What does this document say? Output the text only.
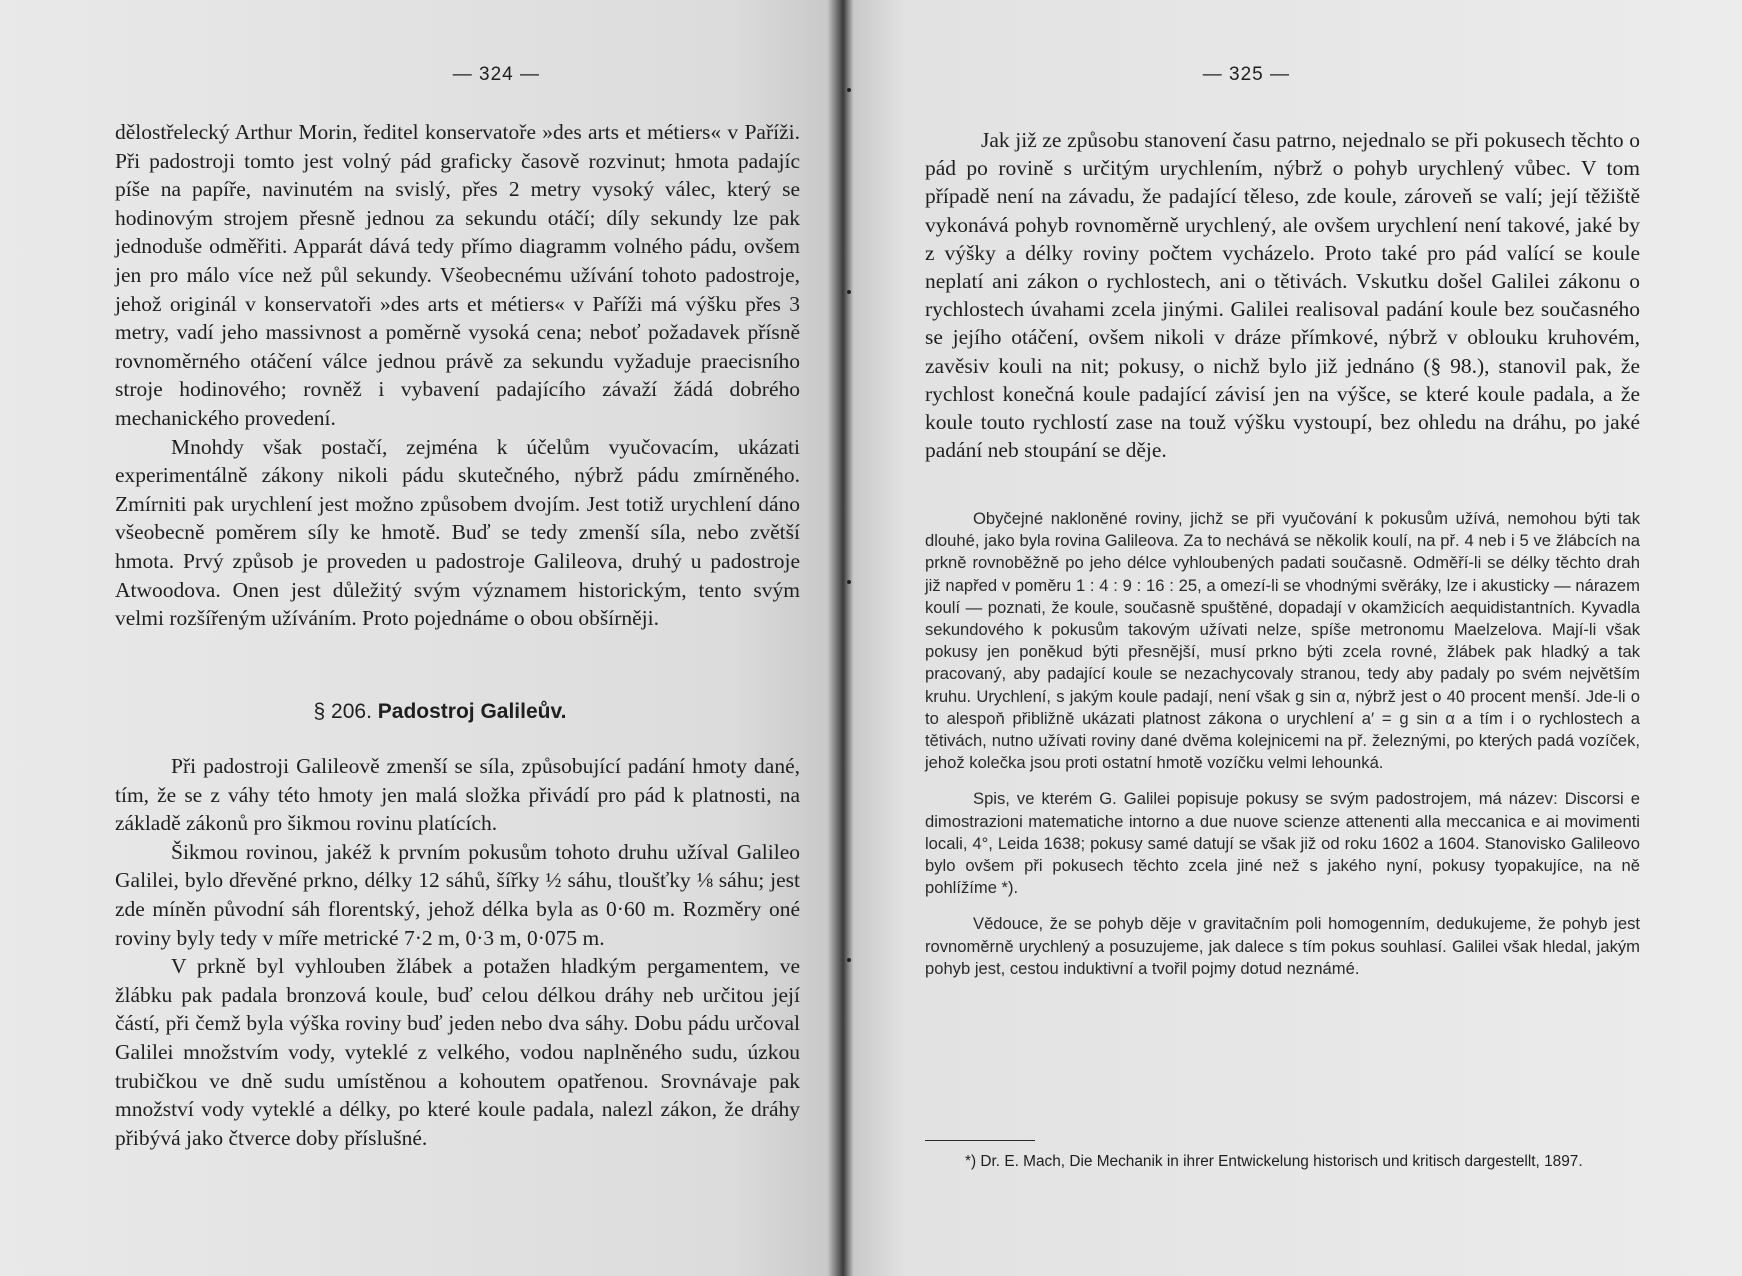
— 324 —

dělostřelecký Arthur Morin, ředitel konservatoře »des arts et métiers« v Paříži. Při padostroji tomto jest volný pád graficky časově rozvinut; hmota padajíc píše na papíře, navinutém na svislý, přes 2 metry vysoký válec, který se hodinovým strojem přesně jednou za sekundu otáčí; díly sekundy lze pak jednoduše odměřiti. Apparát dává tedy přímo diagramm volného pádu, ovšem jen pro málo více než půl sekundy. Všeobecnému užívání tohoto padostroje, jehož originál v konservatoři »des arts et métiers« v Paříži má výšku přes 3 metry, vadí jeho massivnost a poměrně vysoká cena; neboť požadavek přísně rovnoměrného otáčení válce jednou právě za sekundu vyžaduje praecisního stroje hodinového; rovněž i vybavení padajícího závaží žádá dobrého mechanického provedení.

Mnohdy však postačí, zejména k účelům vyučovacím, ukázati experimentálně zákony nikoli pádu skutečného, nýbrž pádu zmírněného. Zmírniti pak urychlení jest možno způsobem dvojím. Jest totiž urychlení dáno všeobecně poměrem síly ke hmotě. Buď se tedy zmenší síla, nebo zvětší hmota. Prvý způsob je proveden u padostroje Galileova, druhý u padostroje Atwoodova. Onen jest důležitý svým významem historickým, tento svým velmi rozšířeným užíváním. Proto pojednáme o obou obšírněji.

§ 206. Padostroj Galileův.

Při padostroji Galileově zmenší se síla, způsobující padání hmoty dané, tím, že se z váhy této hmoty jen malá složka přivádí pro pád k platnosti, na základě zákonů pro šikmou rovinu platících.

Šikmou rovinou, jakéž k prvním pokusům tohoto druhu užíval Galileo Galilei, bylo dřevěné prkno, délky 12 sáhů, šířky ½ sáhu, tloušťky ⅛ sáhu; jest zde míněn původní sáh florentský, jehož délka byla as 0·60 m. Rozměry oné roviny byly tedy v míře metrické 7·2 m, 0·3 m, 0·075 m.

V prkně byl vyhlouben žlábek a potažen hladkým pergamentem, ve žlábku pak padala bronzová koule, buď celou délkou dráhy neb určitou její částí, při čemž byla výška roviny buď jeden nebo dva sáhy. Dobu pádu určoval Galilei množstvím vody, vyteklé z velkého, vodou naplněného sudu, úzkou trubičkou ve dně sudu umístěnou a kohoutem opatřenou. Srovnávaje pak množství vody vyteklé a délky, po které koule padala, nalezl zákon, že dráhy přibývá jako čtverce doby příslušné.

— 325 —

Jak již ze způsobu stanovení času patrno, nejednalo se při pokusech těchto o pád po rovině s určitým urychlením, nýbrž o pohyb urychlený vůbec. V tom případě není na závadu, že padající těleso, zde koule, zároveň se valí; její těžiště vykonává pohyb rovnoměrně urychlený, ale ovšem urychlení není takové, jaké by z výšky a délky roviny počtem vycházelo. Proto také pro pád valící se koule neplatí ani zákon o rychlostech, ani o tětivách. Vskutku došel Galilei zákonu o rychlostech úvahami zcela jinými. Galilei realisoval padání koule bez současného se jejího otáčení, ovšem nikoli v dráze přímkové, nýbrž v oblouku kruhovém, zavěsiv kouli na nit; pokusy, o nichž bylo již jednáno (§ 98.), stanovil pak, že rychlost konečná koule padající závisí jen na výšce, se které koule padala, a že koule touto rychlostí zase na touž výšku vystoupí, bez ohledu na dráhu, po jaké padání neb stoupání se děje.

Obyčejné nakloněné roviny, jichž se při vyučování k pokusům užívá, nemohou býti tak dlouhé, jako byla rovina Galileova. Za to nechává se několik koulí, na př. 4 neb i 5 ve žlábcích na prkně rovnoběžně po jeho délce vyhloubených padati současně. Odměří-li se délky těchto drah již napřed v poměru 1 : 4 : 9 : 16 : 25, a omezí-li se vhodnými svěráky, lze i akusticky — nárazem koulí — poznati, že koule, současně spuštěné, dopadají v okamžicích aequidistantních. Kyvadla sekundového k pokusům takovým užívati nelze, spíše metronomu Maelzelova. Mají-li však pokusy jen poněkud býti přesnější, musí prkno býti zcela rovné, žlábek pak hladký a tak pracovaný, aby padající koule se nezachycovaly stranou, tedy aby padaly po svém největším kruhu. Urychlení, s jakým koule padají, není však g sin α, nýbrž jest o 40 procent menší. Jde-li o to alespoň přibližně ukázati platnost zákona o urychlení a′ = g sin α a tím i o rychlostech a tětivách, nutno užívati roviny dané dvěma kolejnicemi na př. železnými, po kterých padá vozíček, jehož kolečka jsou proti ostatní hmotě vozíčku velmi lehounká.

Spis, ve kterém G. Galilei popisuje pokusy se svým padostrojem, má název: Discorsi e dimostrazioni matematiche intorno a due nuove scienze attenenti alla meccanica e ai movimenti locali, 4°, Leida 1638; pokusy samé datují se však již od roku 1602 a 1604. Stanovisko Galileovo bylo ovšem při pokusech těchto zcela jiné než s jakého nyní, pokusy tyopakujíce, na ně pohlížíme *).

Vědouce, že se pohyb děje v gravitačním poli homogenním, dedukujeme, že pohyb jest rovnoměrně urychlený a posuzujeme, jak dalece s tím pokus souhlasí. Galilei však hledal, jakým pohyb jest, cestou induktivní a tvořil pojmy dotud neznámé.

*) Dr. E. Mach, Die Mechanik in ihrer Entwickelung historisch und kritisch dargestellt, 1897.
